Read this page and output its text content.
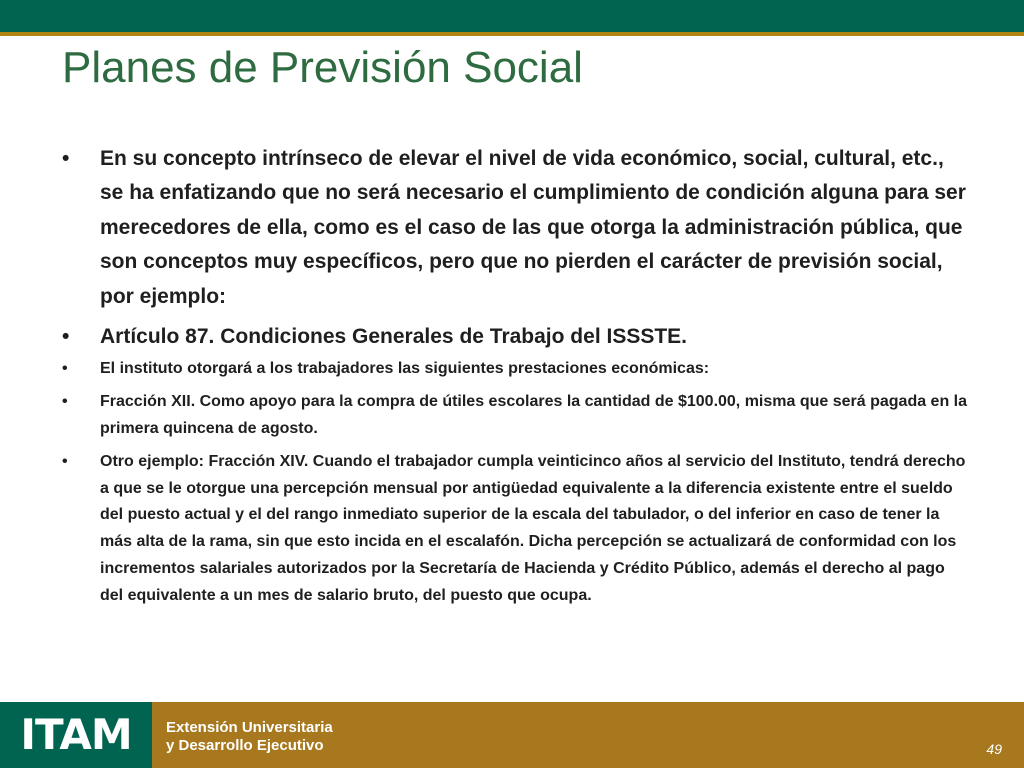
Planes de Previsión Social
• En su concepto intrínseco de elevar el nivel de vida económico, social, cultural, etc., se ha enfatizando que no será necesario el cumplimiento de condición alguna para ser merecedores de ella, como es el caso de las que otorga la administración pública, que son conceptos muy específicos, pero que no pierden el carácter de previsión social, por ejemplo:
• Artículo 87. Condiciones Generales de Trabajo del ISSSTE.
• El instituto otorgará a los trabajadores las siguientes prestaciones económicas:
• Fracción XII. Como apoyo para la compra de útiles escolares la cantidad de $100.00, misma que será pagada en la primera quincena de agosto.
• Otro ejemplo: Fracción XIV. Cuando el trabajador cumpla veinticinco años al servicio del Instituto, tendrá derecho a que se le otorgue una percepción mensual por antigüedad equivalente a la diferencia existente entre el sueldo del puesto actual y el del rango inmediato superior de la escala del tabulador, o del inferior en caso de tener la más alta de la rama, sin que esto incida en el escalafón. Dicha percepción se actualizará de conformidad con los incrementos salariales autorizados por la Secretaría de Hacienda y Crédito Público, además el derecho al pago del equivalente a un mes de salario bruto, del puesto que ocupa.
ITAM	Extensión Universitaria
y Desarrollo Ejecutivo	49
